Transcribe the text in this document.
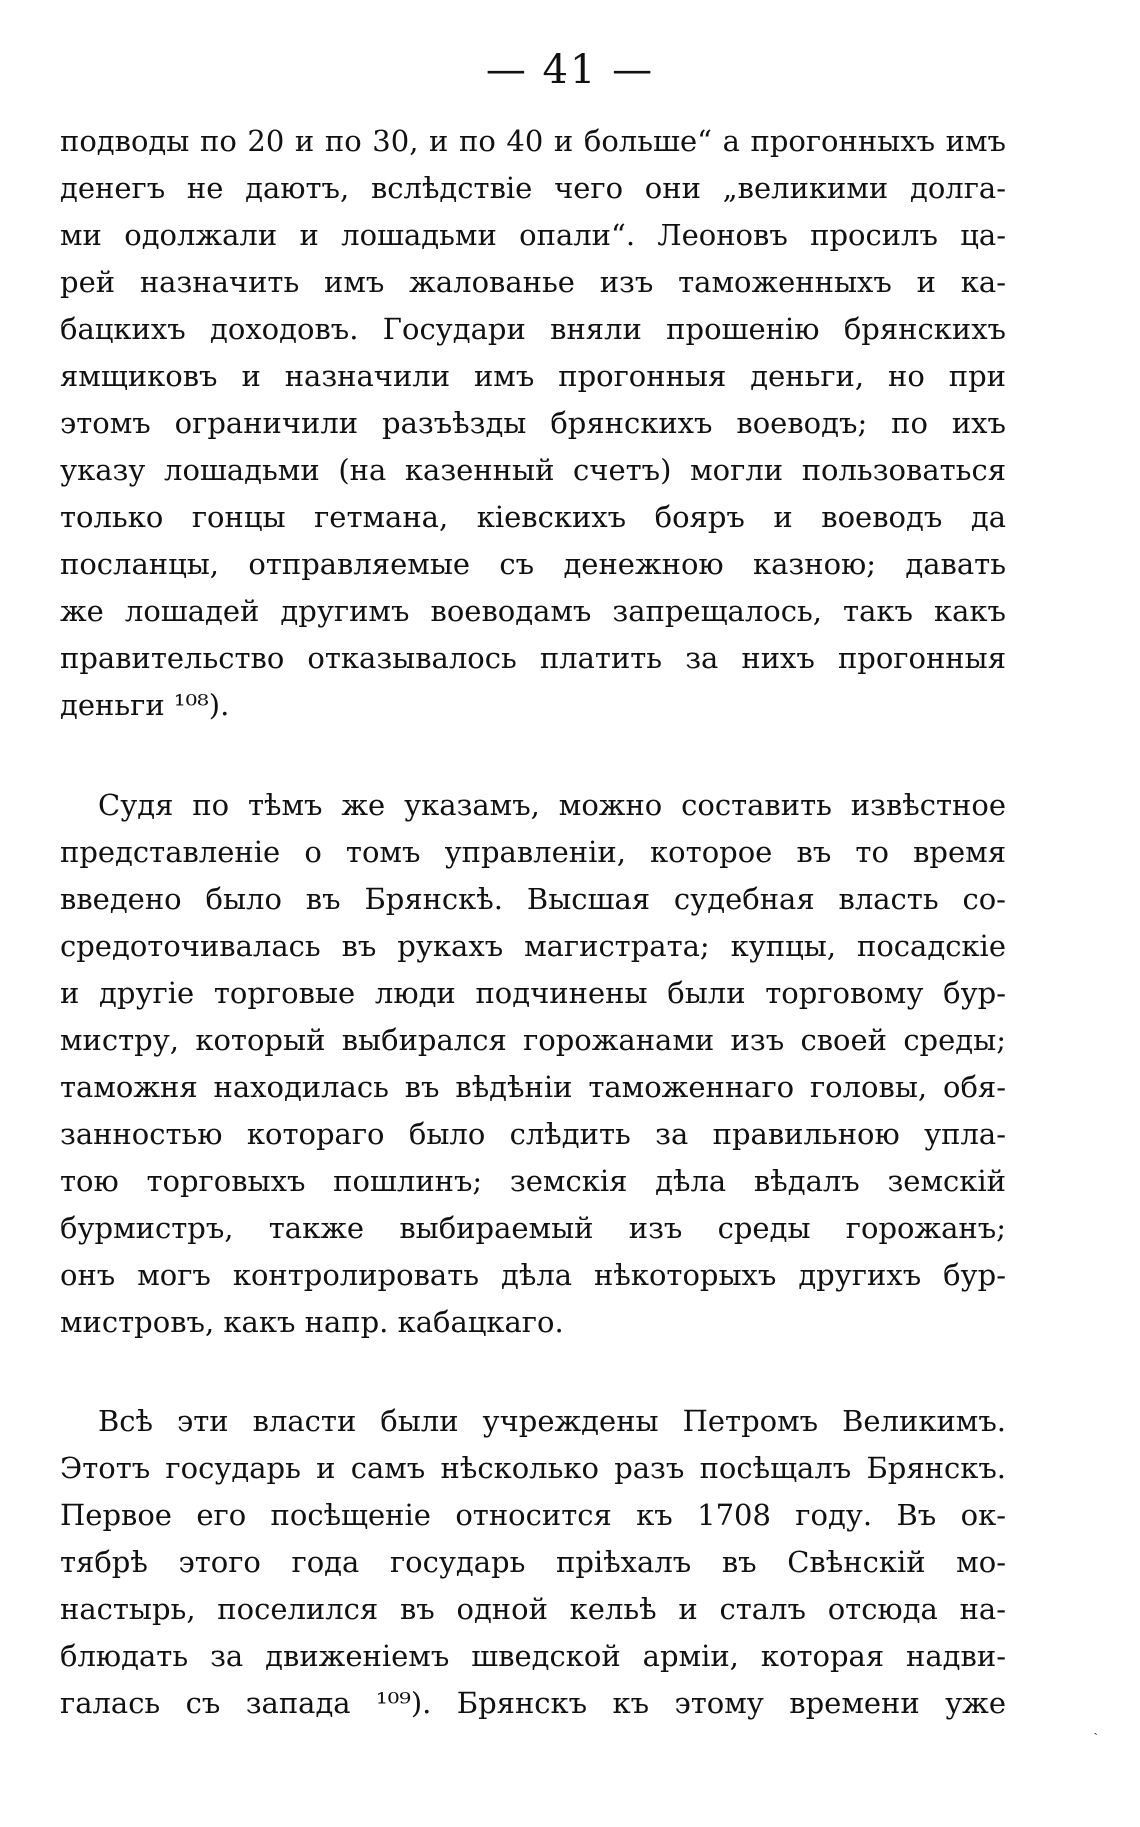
— 41 —
подводы по 20 и по 30, и по 40 и больше“ а прогонныхъ имъ
денегъ не даютъ, вслѣдствіе чего они „великими долга-
ми одолжали и лошадьми опали“. Леоновъ просилъ ца-
рей назначить имъ жалованье изъ таможенныхъ и ка-
бацкихъ доходовъ. Государи вняли прошенію брянскихъ
ямщиковъ и назначили имъ прогонныя деньги, но при
этомъ ограничили разъѣзды брянскихъ воеводъ; по ихъ
указу лошадьми (на казенный счетъ) могли пользоваться
только гонцы гетмана, кіевскихъ бояръ и воеводъ да
посланцы, отправляемые съ денежною казною; давать
же лошадей другимъ воеводамъ запрещалось, такъ какъ
правительство отказывалось платить за нихъ прогонныя
деньги ¹⁰⁸).
Судя по тѣмъ же указамъ, можно составить извѣстное
представленіе о томъ управленіи, которое въ то время
введено было въ Брянскѣ. Высшая судебная власть со-
средоточивалась въ рукахъ магистрата; купцы, посадскіе
и другіе торговые люди подчинены были торговому бур-
мистру, который выбирался горожанами изъ своей среды;
таможня находилась въ вѣдѣніи таможеннаго головы, обя-
занностью котораго было слѣдить за правильною упла-
тою торговыхъ пошлинъ; земскія дѣла вѣдалъ земскій
бурмистръ, также выбираемый изъ среды горожанъ;
онъ могъ контролировать дѣла нѣкоторыхъ другихъ бур-
мистровъ, какъ напр. кабацкаго.
Всѣ эти власти были учреждены Петромъ Великимъ.
Этотъ государь и самъ нѣсколько разъ посѣщалъ Брянскъ.
Первое его посѣщеніе относится къ 1708 году. Въ ок-
тябрѣ этого года государь пріѣхалъ въ Свѣнскій мо-
настырь, поселился въ одной кельѣ и сталъ отсюда на-
блюдать за движеніемъ шведской арміи, которая надви-
галась съ запада ¹⁰⁹). Брянскъ къ этому времени уже
ˎ
